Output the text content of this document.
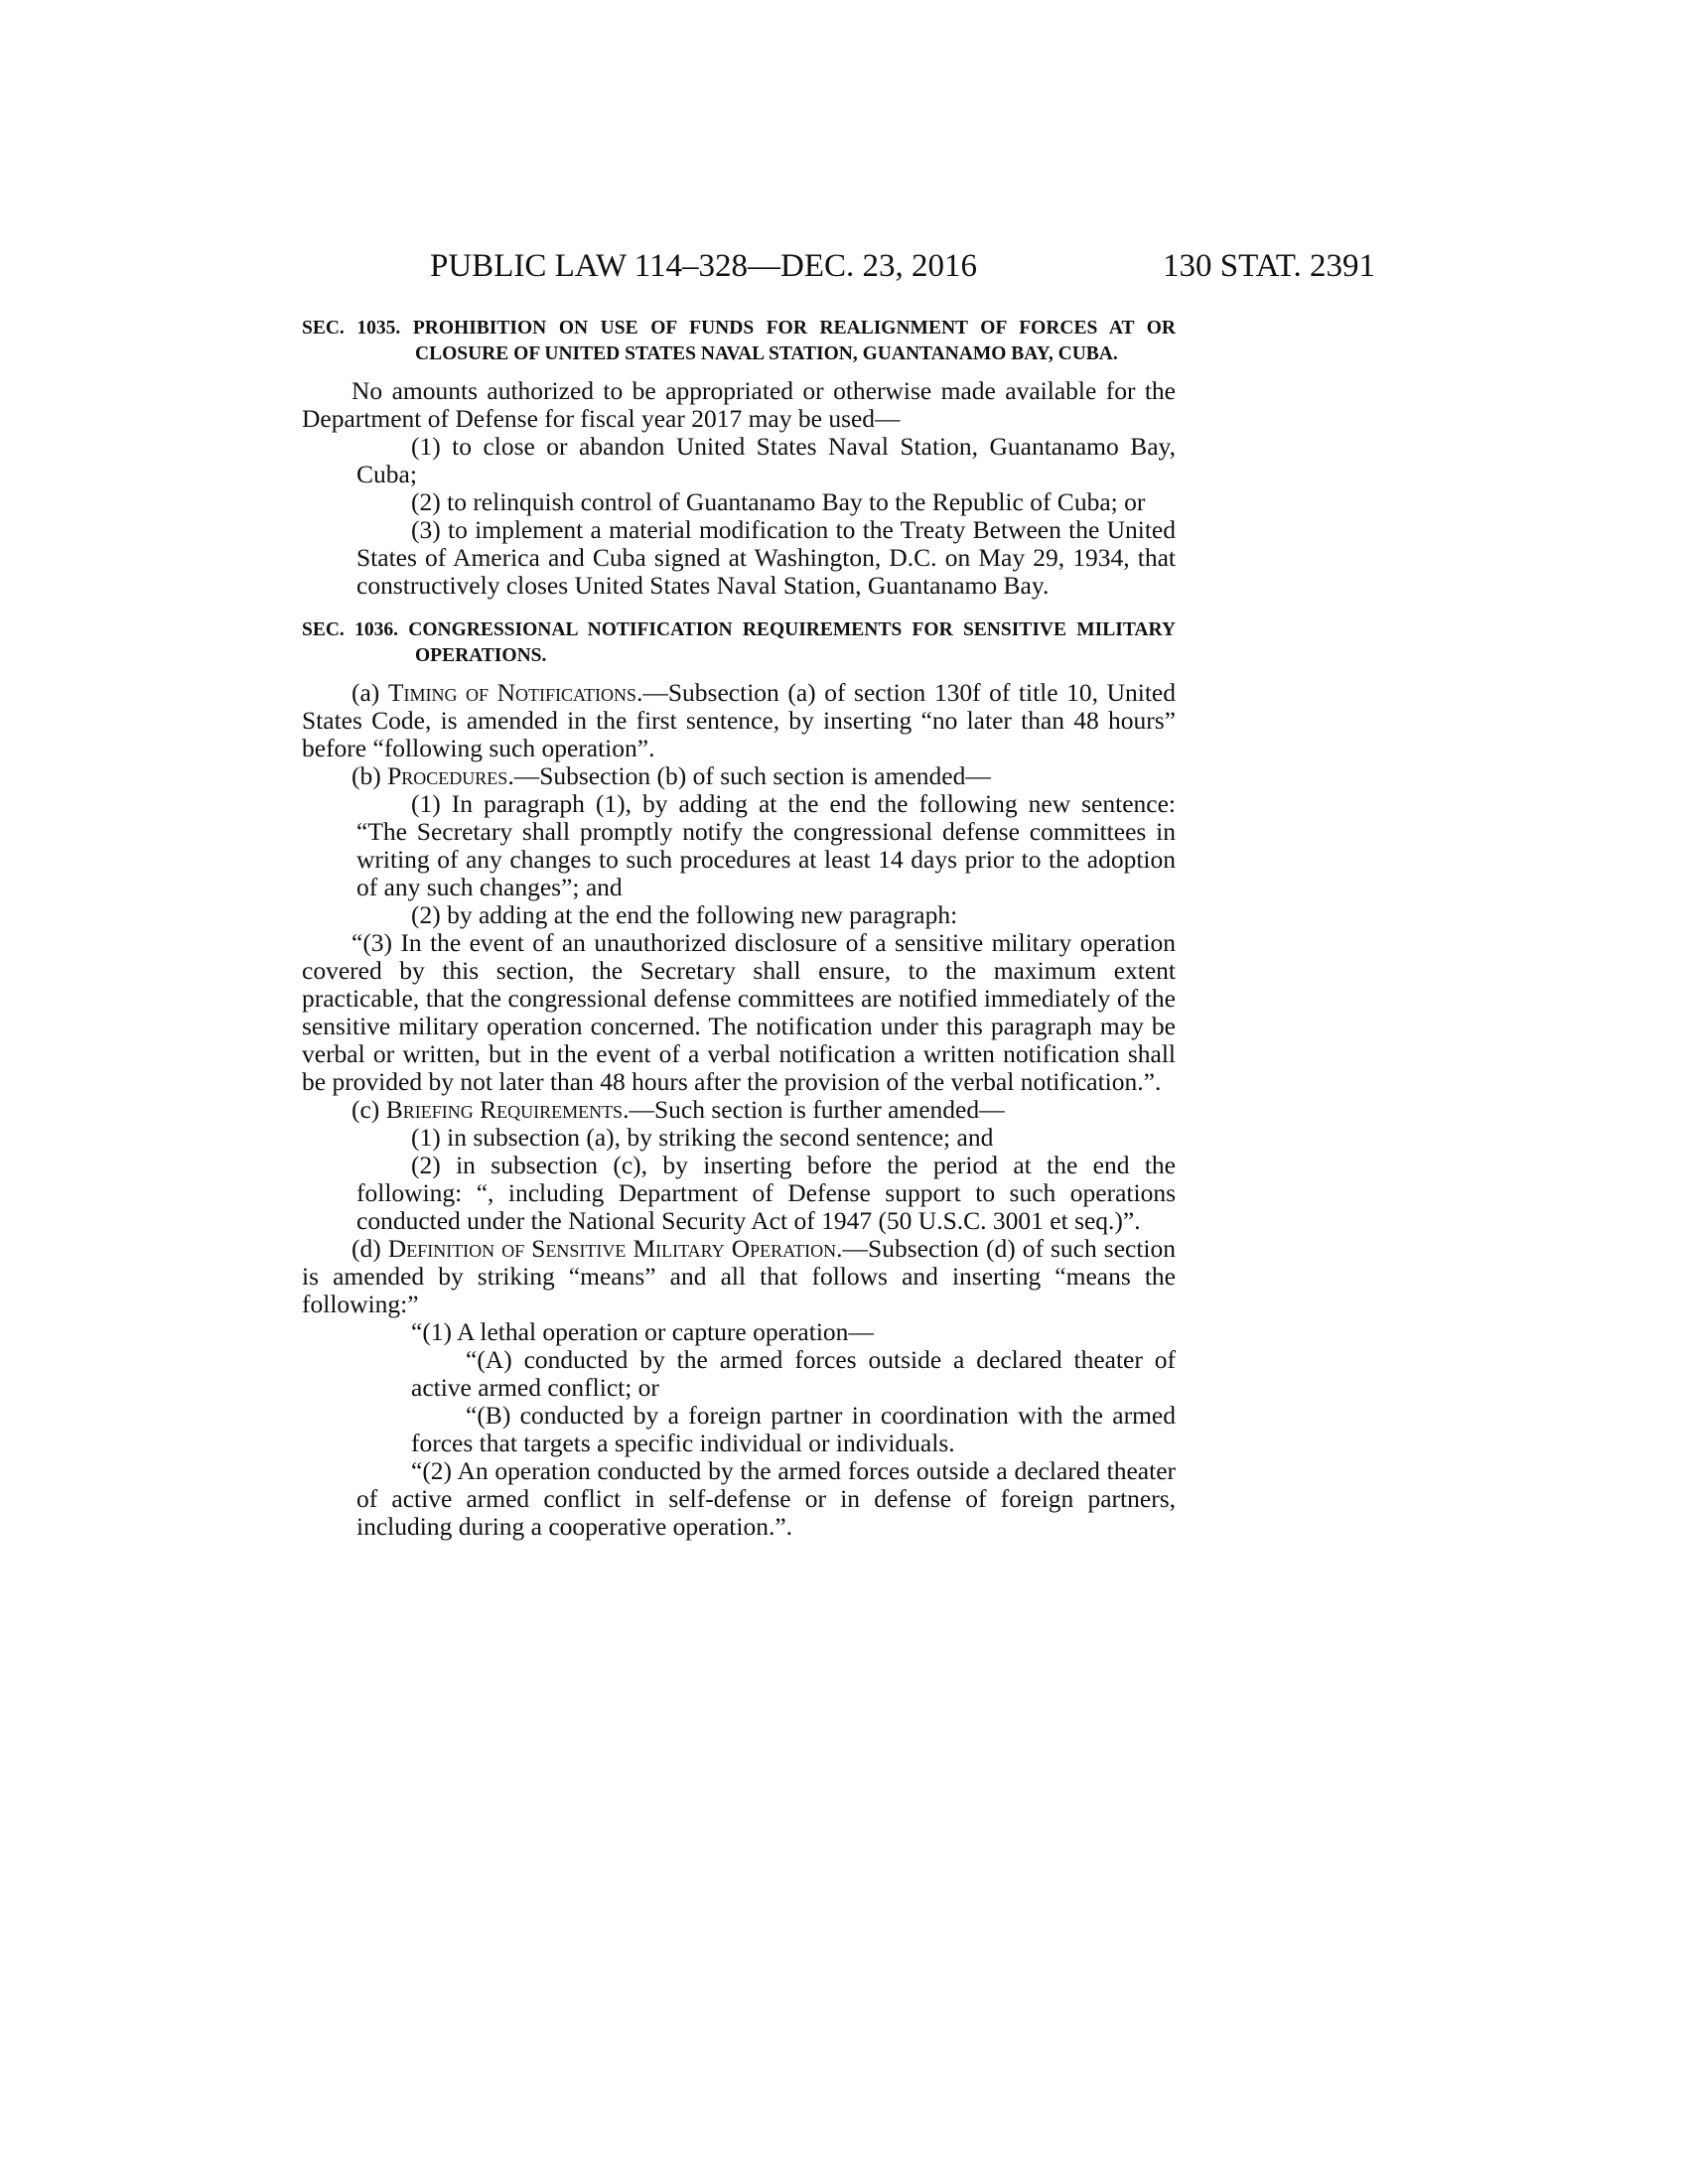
PUBLIC LAW 114–328—DEC. 23, 2016	130 STAT. 2391

SEC. 1035. PROHIBITION ON USE OF FUNDS FOR REALIGNMENT OF FORCES AT OR CLOSURE OF UNITED STATES NAVAL STATION, GUANTANAMO BAY, CUBA.

No amounts authorized to be appropriated or otherwise made available for the Department of Defense for fiscal year 2017 may be used—

(1) to close or abandon United States Naval Station, Guantanamo Bay, Cuba;

(2) to relinquish control of Guantanamo Bay to the Republic of Cuba; or

(3) to implement a material modification to the Treaty Between the United States of America and Cuba signed at Washington, D.C. on May 29, 1934, that constructively closes United States Naval Station, Guantanamo Bay.

SEC. 1036. CONGRESSIONAL NOTIFICATION REQUIREMENTS FOR SENSITIVE MILITARY OPERATIONS.

(a) Timing of Notifications.—Subsection (a) of section 130f of title 10, United States Code, is amended in the first sentence, by inserting “no later than 48 hours” before “following such operation”.

(b) Procedures.—Subsection (b) of such section is amended—

(1) In paragraph (1), by adding at the end the following new sentence: “The Secretary shall promptly notify the congressional defense committees in writing of any changes to such procedures at least 14 days prior to the adoption of any such changes”; and

(2) by adding at the end the following new paragraph:

“(3) In the event of an unauthorized disclosure of a sensitive military operation covered by this section, the Secretary shall ensure, to the maximum extent practicable, that the congressional defense committees are notified immediately of the sensitive military operation concerned. The notification under this paragraph may be verbal or written, but in the event of a verbal notification a written notification shall be provided by not later than 48 hours after the provision of the verbal notification.”.

(c) Briefing Requirements.—Such section is further amended—

(1) in subsection (a), by striking the second sentence; and

(2) in subsection (c), by inserting before the period at the end the following: “, including Department of Defense support to such operations conducted under the National Security Act of 1947 (50 U.S.C. 3001 et seq.)”.

(d) Definition of Sensitive Military Operation.—Subsection (d) of such section is amended by striking “means” and all that follows and inserting “means the following:”

“(1) A lethal operation or capture operation—

“(A) conducted by the armed forces outside a declared theater of active armed conflict; or

“(B) conducted by a foreign partner in coordination with the armed forces that targets a specific individual or individuals.

“(2) An operation conducted by the armed forces outside a declared theater of active armed conflict in self-defense or in defense of foreign partners, including during a cooperative operation.”.
